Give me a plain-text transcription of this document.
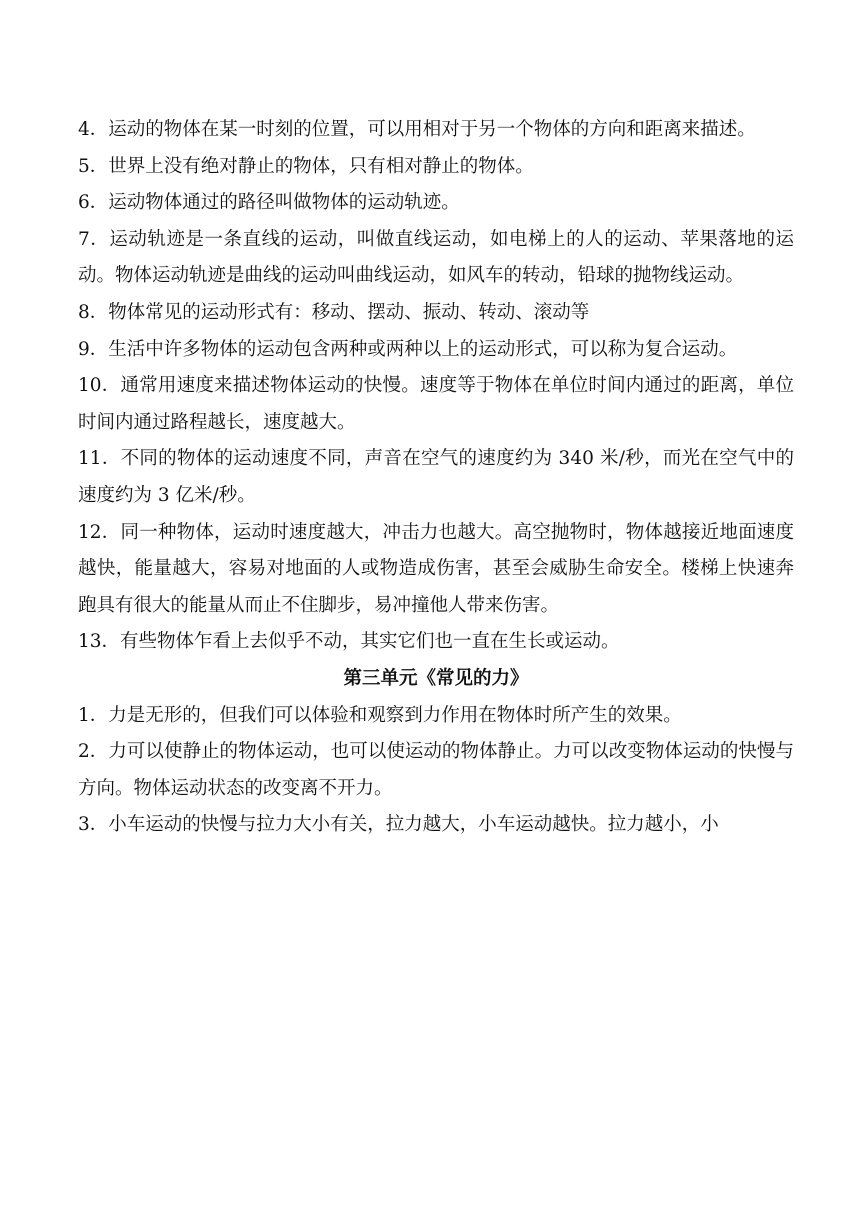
4．运动的物体在某一时刻的位置，可以用相对于另一个物体的方向和距离来描述。

5．世界上没有绝对静止的物体，只有相对静止的物体。

6．运动物体通过的路径叫做物体的运动轨迹。

7．运动轨迹是一条直线的运动，叫做直线运动，如电梯上的人的运动、苹果落地的运动。物体运动轨迹是曲线的运动叫曲线运动，如风车的转动，铅球的抛物线运动。

8．物体常见的运动形式有：移动、摆动、振动、转动、滚动等

9．生活中许多物体的运动包含两种或两种以上的运动形式，可以称为复合运动。

10．通常用速度来描述物体运动的快慢。速度等于物体在单位时间内通过的距离，单位时间内通过路程越长，速度越大。

11．不同的物体的运动速度不同，声音在空气的速度约为 340 米/秒，而光在空气中的速度约为 3 亿米/秒。

12．同一种物体，运动时速度越大，冲击力也越大。高空抛物时，物体越接近地面速度越快，能量越大，容易对地面的人或物造成伤害，甚至会威胁生命安全。楼梯上快速奔跑具有很大的能量从而止不住脚步，易冲撞他人带来伤害。

13．有些物体乍看上去似乎不动，其实它们也一直在生长或运动。

第三单元《常见的力》

1．力是无形的，但我们可以体验和观察到力作用在物体时所产生的效果。

2．力可以使静止的物体运动，也可以使运动的物体静止。力可以改变物体运动的快慢与方向。物体运动状态的改变离不开力。

3．小车运动的快慢与拉力大小有关，拉力越大，小车运动越快。拉力越小，小
